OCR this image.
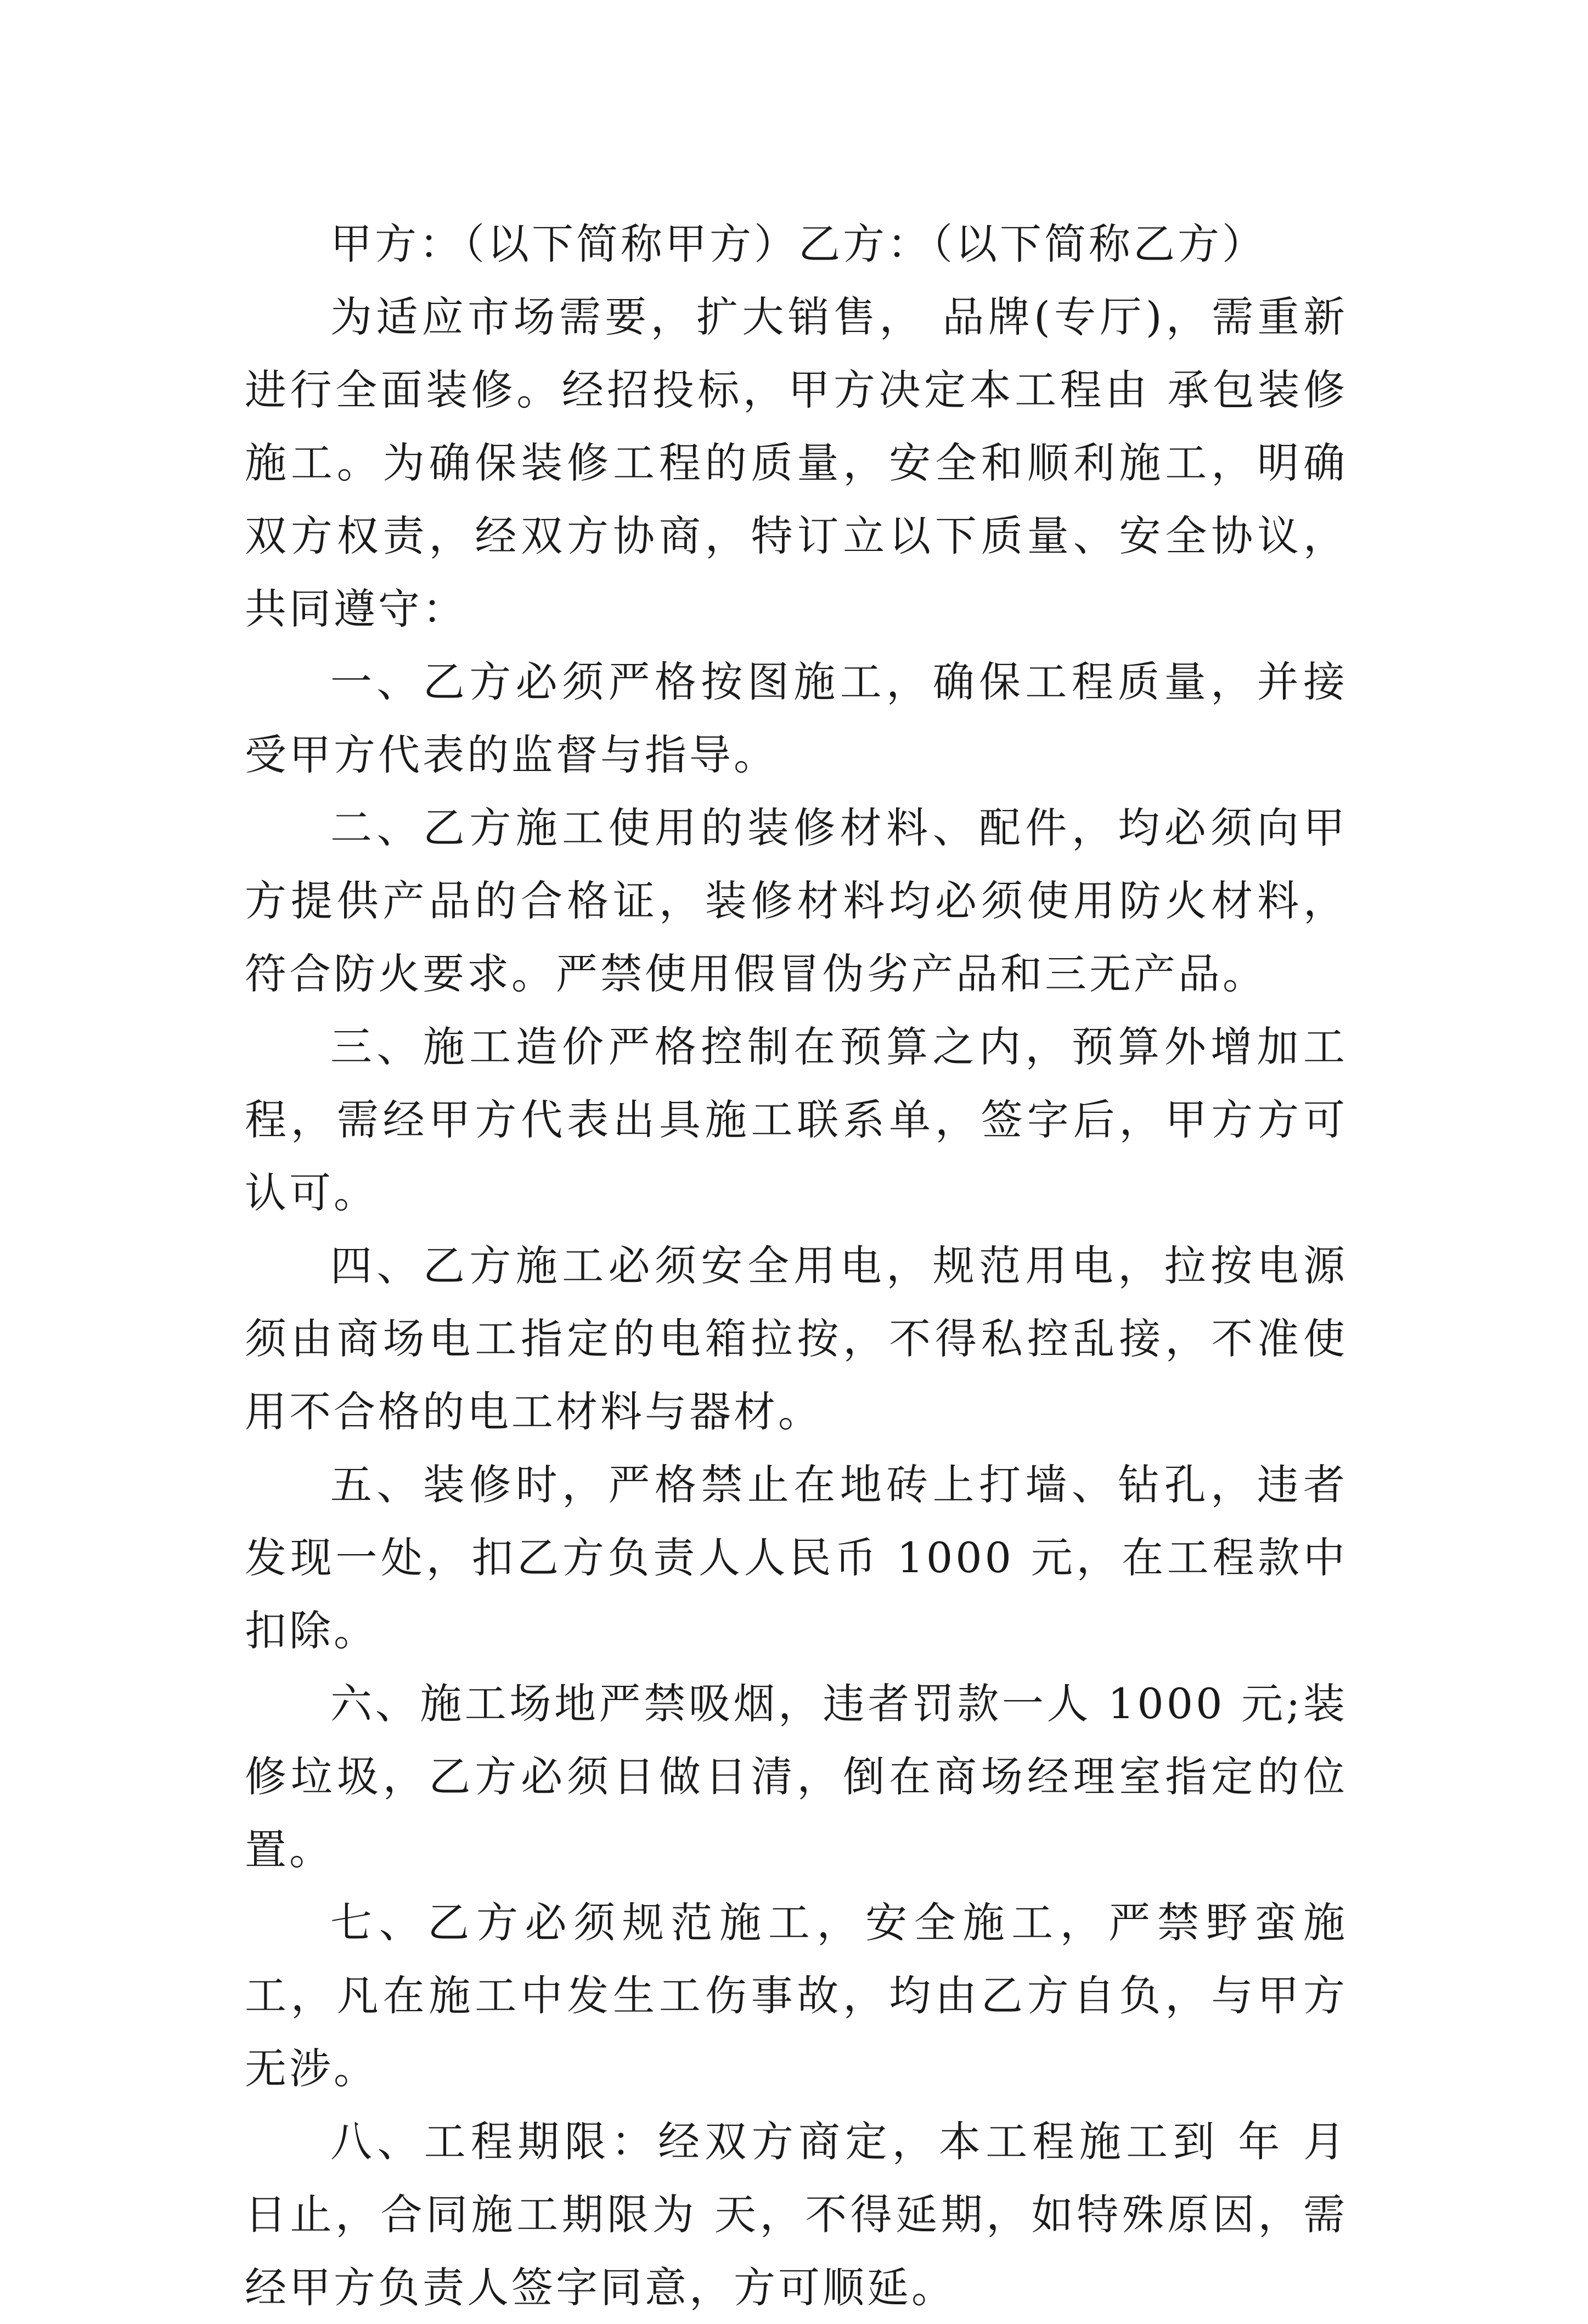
甲方：（以下简称甲方）乙方：（以下简称乙方）

为适应市场需要，扩大销售， 品牌(专厅)，需重新进行全面装修。经招投标，甲方决定本工程由 承包装修施工。为确保装修工程的质量，安全和顺利施工，明确双方权责，经双方协商，特订立以下质量、安全协议，共同遵守：

一、乙方必须严格按图施工，确保工程质量，并接受甲方代表的监督与指导。

二、乙方施工使用的装修材料、配件，均必须向甲方提供产品的合格证，装修材料均必须使用防火材料，符合防火要求。严禁使用假冒伪劣产品和三无产品。

三、施工造价严格控制在预算之内，预算外增加工程，需经甲方代表出具施工联系单，签字后，甲方方可认可。

四、乙方施工必须安全用电，规范用电，拉按电源须由商场电工指定的电箱拉按，不得私控乱接，不准使用不合格的电工材料与器材。

五、装修时，严格禁止在地砖上打墙、钻孔，违者发现一处，扣乙方负责人人民币 1000 元，在工程款中扣除。

六、施工场地严禁吸烟，违者罚款一人 1000 元;装修垃圾，乙方必须日做日清，倒在商场经理室指定的位置。

七、乙方必须规范施工，安全施工，严禁野蛮施工，凡在施工中发生工伤事故，均由乙方自负，与甲方无涉。

八、工程期限：经双方商定，本工程施工到 年 月 日止，合同施工期限为 天，不得延期，如特殊原因，需经甲方负责人签字同意，方可顺延。
